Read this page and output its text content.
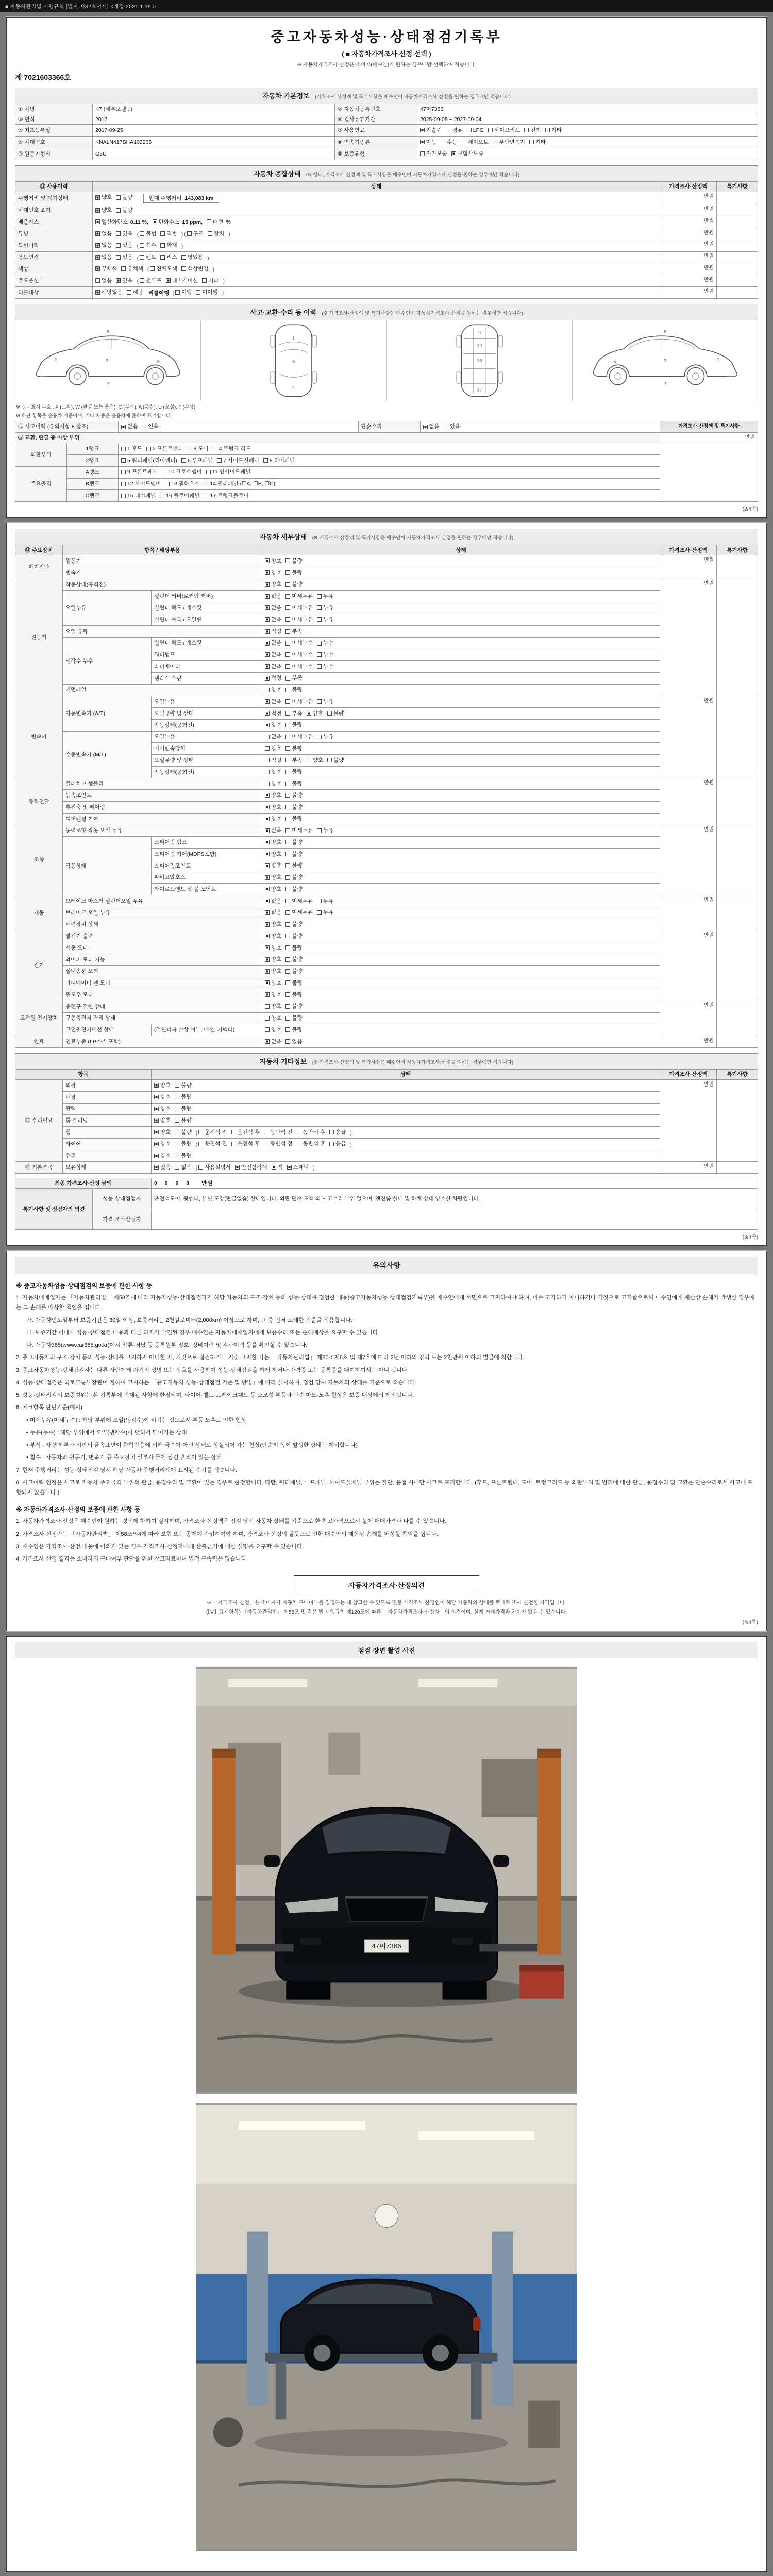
■ 자동차관리법 시행규칙 [별지 제82호서식] <개정 2021.1.19.>
중고자동차성능·상태점검기록부
( ■ 자동차가격조사·산정 선택 )
※ 자동차가격조사·산정은 소비자(매수인)가 원하는 경우에만 선택하여 적습니다.
제 7021603366호
자동차 기본정보 (가격조사·산정액 및 특기사항은 매수인이 자동차가격조사·산정을 원하는 경우에만 적습니다)
① 차명	K7 (세부모델 : )	② 자동차등록번호	47머7366
③ 연식	2017	④ 검사유효기간	2025-09-05 ~ 2027-09-04
⑤ 최초등록일	2017-09-25	⑦ 사용연료	가솔린 경유 LPG 하이브리드 전기 기타

⑥ 차대번호	KNALN417BHA102265	⑧ 변속기종류	자동 수동 세미오토 무단변속기 기타

⑨ 원동기형식	G6U	⑩ 보증유형	자가보증 보험사보증
자동차 종합상태 (※ 상태, 가격조사·산정액 및 특기사항은 매수인이 자동차가격조사·산정을 원하는 경우에만 적습니다)
⑪ 사용이력	상태	가격조사·산정액	특기사항
주행거리 및 계기상태	양호 불량 현재 주행거리 143,083 km	만원	
차대번호 표기	양호 불량	만원	
배출가스	일산화탄소 0.11 %, 탄화수소 15 ppm, 매연 %	만원	
튜닝	없음 있음 ( 불법 적법 ) ( 구조 장치 )	만원	
특별이력	없음 있음 ( 침수 화재 )	만원	
용도변경	없음 있음 ( 렌트 리스 영업용 )	만원	
색상	무채색 유채색 ( 전체도색 색상변경 )	만원	
주요옵션	없음 있음 ( 썬루프 네비게이션 기타 )	만원	
리콜대상	해당없음 해당 리콜이행 ( 이행 미이행 )	만원	
사고·교환·수리 등 이력 (※ 가격조사·산정액 및 특기사항은 매수인이 자동차가격조사·산정을 원하는 경우에만 적습니다)
2	3	5
6
7
1
6
4
9
10
16
17
2
3
5
6
7
※ 상태표시 부호 : X (교환), W (판금 또는 용접), C (부식), A (흠집), U (요철), T (손상)
※ 하단 항목은 승용차 기준이며, 기타 차종은 승용차에 준하여 표기합니다.
⑫ 사고이력 (유의사항 8 참조)	없음 있음	단순수리	없음 있음	가격조사·산정액 및 특기사항
⑬ 교환, 판금 등 이상 부위			만원
외판부위	1랭크	1.후드 2.프론트펜더 3.도어 4.트렁크 리드	

	2랭크	5.쿼터패널(리어펜더) 6.루프패널 7.사이드실패널 8.리어패널	

주요골격	A랭크	9.프론트패널 10.크로스멤버 11.인사이드패널	

	B랭크	12.사이드멤버 13.휠하우스 14.필러패널 (☐A, ☐B, ☐C)	

	C랭크	15.대쉬패널 16.플로어패널 17.트렁크플로어	
(2/4쪽)
자동차 세부상태 (※ 가격조사·산정액 및 특기사항은 매수인이 자동차가격조사·산정을 원하는 경우에만 적습니다)
⑭ 주요장치	항목 / 해당부품		상태	가격조사·산정액	특기사항
자기진단	원동기		양호 불량	만원	
	변속기		양호 불량		

원동기	작동상태(공회전)		양호 불량	만원	
	오일누유	실린더 커버(로커암 커버)	없음 미세누유 누유		

		실린더 헤드 / 개스킷	없음 미세누유 누유		

		실린더 블록 / 오일팬	없음 미세누유 누유		

	오일 유량		적정 부족		

	냉각수 누수	실린더 헤드 / 개스킷	없음 미세누수 누수		

		워터펌프	없음 미세누수 누수		

		라디에이터	없음 미세누수 누수		

		냉각수 수량	적정 부족		

	커먼레일		양호 불량		

변속기	자동변속기 (A/T)	오일누유	없음 미세누유 누유	만원	
		오일유량 및 상태	적정 부족 양호 불량		

		작동상태(공회전)	양호 불량		

	수동변속기 (M/T)	오일누유	없음 미세누유 누유		

		기어변속장치	양호 불량		

		오일유량 및 상태	적정 부족 양호 불량		

		작동상태(공회전)	양호 불량		

동력전달	클러치 어셈블리		양호 불량	만원	
	등속조인트		양호 불량		

	추진축 및 베어링		양호 불량		

	디퍼렌셜 기어		양호 불량		

조향	동력조향 작동 오일 누유		없음 미세누유 누유	만원	
	작동상태	스티어링 펌프	양호 불량		

		스티어링 기어(MDPS포함)	양호 불량		

		스티어링조인트	양호 불량		

		파워고압호스	양호 불량		

		타이로드엔드 및 볼 조인트	양호 불량		

제동	브레이크 마스터 실린더오일 누유		없음 미세누유 누유	만원	
	브레이크 오일 누유		없음 미세누유 누유		

	배력장치 상태		양호 불량		

전기	발전기 출력		양호 불량	만원	
	시동 모터		양호 불량		

	와이퍼 모터 기능		양호 불량		

	실내송풍 모터		양호 불량		

	라디에이터 팬 모터		양호 불량		

	윈도우 모터		양호 불량		

고전원 전기장치	충전구 절연 상태		양호 불량	만원	
	구동축전지 격리 상태		양호 불량		

	고전원전기배선 상태	(절연피복 손상 여부, 배선, 커넥터)	양호 불량		

연료	연료누출 (LP가스 포함)		없음 있음	만원	
자동차 기타정보 (※ 가격조사·산정액 및 특기사항은 매수인이 자동차가격조사·산정을 원하는 경우에만 적습니다)
항목		상태	가격조사·산정액	특기사항
⑮ 수리필요	외장	양호 불량	만원	
	내장	양호 불량		

	광택	양호 불량		

	룸 클리닝	양호 불량		

휠	양호 불량 ( 운전석 전 운전석 후 동반석 전 동반석 후 응급 )
타이어	양호 불량 ( 운전석 전 운전석 후 동반석 전 동반석 후 응급 )
	유리	양호 불량		

⑯ 기본품목	보유상태	있음 없음 ( 사용설명서 안전삼각대 잭 스패너 )	만원	
최종 가격조사·산정 금액	0 0 0 0 만원
특기사항 및 점검자의 의견	성능·상태점검자	운전석도어, 뒷펜더, 본닛 도장(판금없슴) 상태입니다. 외판 단순 도색 외 사고수리 부위 없으며, 엔진룸·실내 및 하체 상태 양호한 차량입니다.
	가격·조사산정자	
(3/4쪽)
유의사항
※ 중고자동차성능·상태점검의 보증에 관한 사항 등
1. 자동차매매업자는 「자동차관리법」 제58조에 따라 자동차성능·상태점검자가 해당 자동차의 구조·장치 등의 성능·상태를 점검한 내용(중고자동차성능·상태점검기록부)을 매수인에게 서면으로 고지하여야 하며, 이를 고지하지 아니하거나 거짓으로 고지함으로써 매수인에게 재산상 손해가 발생한 경우에는 그 손해를 배상할 책임을 집니다.
가. 자동차인도일부터 보증기간은 30일 이상, 보증거리는 2천킬로미터(2,000km) 이상으로 하며, 그 중 먼저 도래한 기준을 적용합니다.
나. 보증기간 이내에 성능·상태점검 내용과 다른 하자가 발견된 경우 매수인은 자동차매매업자에게 보증수리 또는 손해배상을 요구할 수 있습니다.
다. 자동차365(www.car365.go.kr)에서 압류·저당 등 등록원부 정보, 정비이력 및 검사이력 등을 확인할 수 있습니다.
2. 중고자동차의 구조·장치 등의 성능·상태를 고지하지 아니한 자, 거짓으로 점검하거나 거짓 고지한 자는 「자동차관리법」 제80조제6호 및 제7호에 따라 2년 이하의 징역 또는 2천만원 이하의 벌금에 처합니다.
3. 중고자동차성능·상태점검자는 다른 사람에게 자기의 성명 또는 상호를 사용하여 성능·상태점검을 하게 하거나 자격증 또는 등록증을 대여하여서는 아니 됩니다.
4. 성능·상태점검은 국토교통부장관이 정하여 고시하는 「중고자동차 성능·상태점검 기준 및 방법」에 따라 실시하며, 점검 당시 자동차의 상태를 기준으로 적습니다.
5. 성능·상태점검의 보증범위는 본 기록부에 기재된 사항에 한정되며, 타이어·벨트·브레이크패드 등 소모성 부품과 단순 마모·노후 현상은 보증 대상에서 제외됩니다.
6. 체크항목 판단기준(예시)
• 미세누유(미세누수) : 해당 부위에 오일(냉각수)이 비치는 정도로서 부품 노후로 인한 현상
• 누유(누수) : 해당 부위에서 오일(냉각수)이 맺혀서 떨어지는 상태
• 부식 : 차량 하부와 외판의 금속표면이 화학반응에 의해 금속이 아닌 상태로 상실되어 가는 현상(단순히 녹이 발생한 상태는 제외합니다)
• 침수 : 자동차의 원동기, 변속기 등 주요장치 일부가 물에 잠긴 흔적이 있는 상태
7. 현재 주행거리는 성능·상태점검 당시 해당 자동차 주행거리계에 표시된 수치를 적습니다.
8. 사고이력 인정은 사고로 자동차 주요골격 부위의 판금, 용접수리 및 교환이 있는 경우로 한정합니다. 다만, 쿼터패널, 루프패널, 사이드실패널 부위는 절단, 용접 시에만 사고로 표기합니다. (후드, 프론트펜더, 도어, 트렁크리드 등 외판부위 및 범퍼에 대한 판금, 용접수리 및 교환은 단순수리로서 사고에 포함되지 않습니다.)
※ 자동차가격조사·산정의 보증에 관한 사항 등
1. 자동차가격조사·산정은 매수인이 원하는 경우에 한하여 실시하며, 가격조사·산정액은 점검 당시 자동차 상태를 기준으로 한 참고가격으로서 실제 매매가격과 다를 수 있습니다.
2. 가격조사·산정자는 「자동차관리법」 제58조의4에 따라 보험 또는 공제에 가입하여야 하며, 가격조사·산정의 잘못으로 인한 매수인의 재산상 손해를 배상할 책임을 집니다.
3. 매수인은 가격조사·산정 내용에 이의가 있는 경우 가격조사·산정자에게 산출근거에 대한 설명을 요구할 수 있습니다.
4. 가격조사·산정 결과는 소비자의 구매여부 판단을 위한 참고자료이며 법적 구속력은 없습니다.
자동차가격조사·산정의견
※ 「가격조사·산정」은 소비자가 자동차 구매여부를 결정하는 데 참고할 수 있도록 전문 가격조사·산정인이 해당 자동차의 상태를 토대로 조사·산정한 가격입니다.
(【V】표시항목) 「자동차관리법」 제58조 및 같은 법 시행규칙 제120조에 따른 「자동차가격조사·산정자」의 의견이며, 실제 거래가격과 차이가 있을 수 있습니다.
(4/4쪽)
점검 장면 촬영 사진
47머7366
